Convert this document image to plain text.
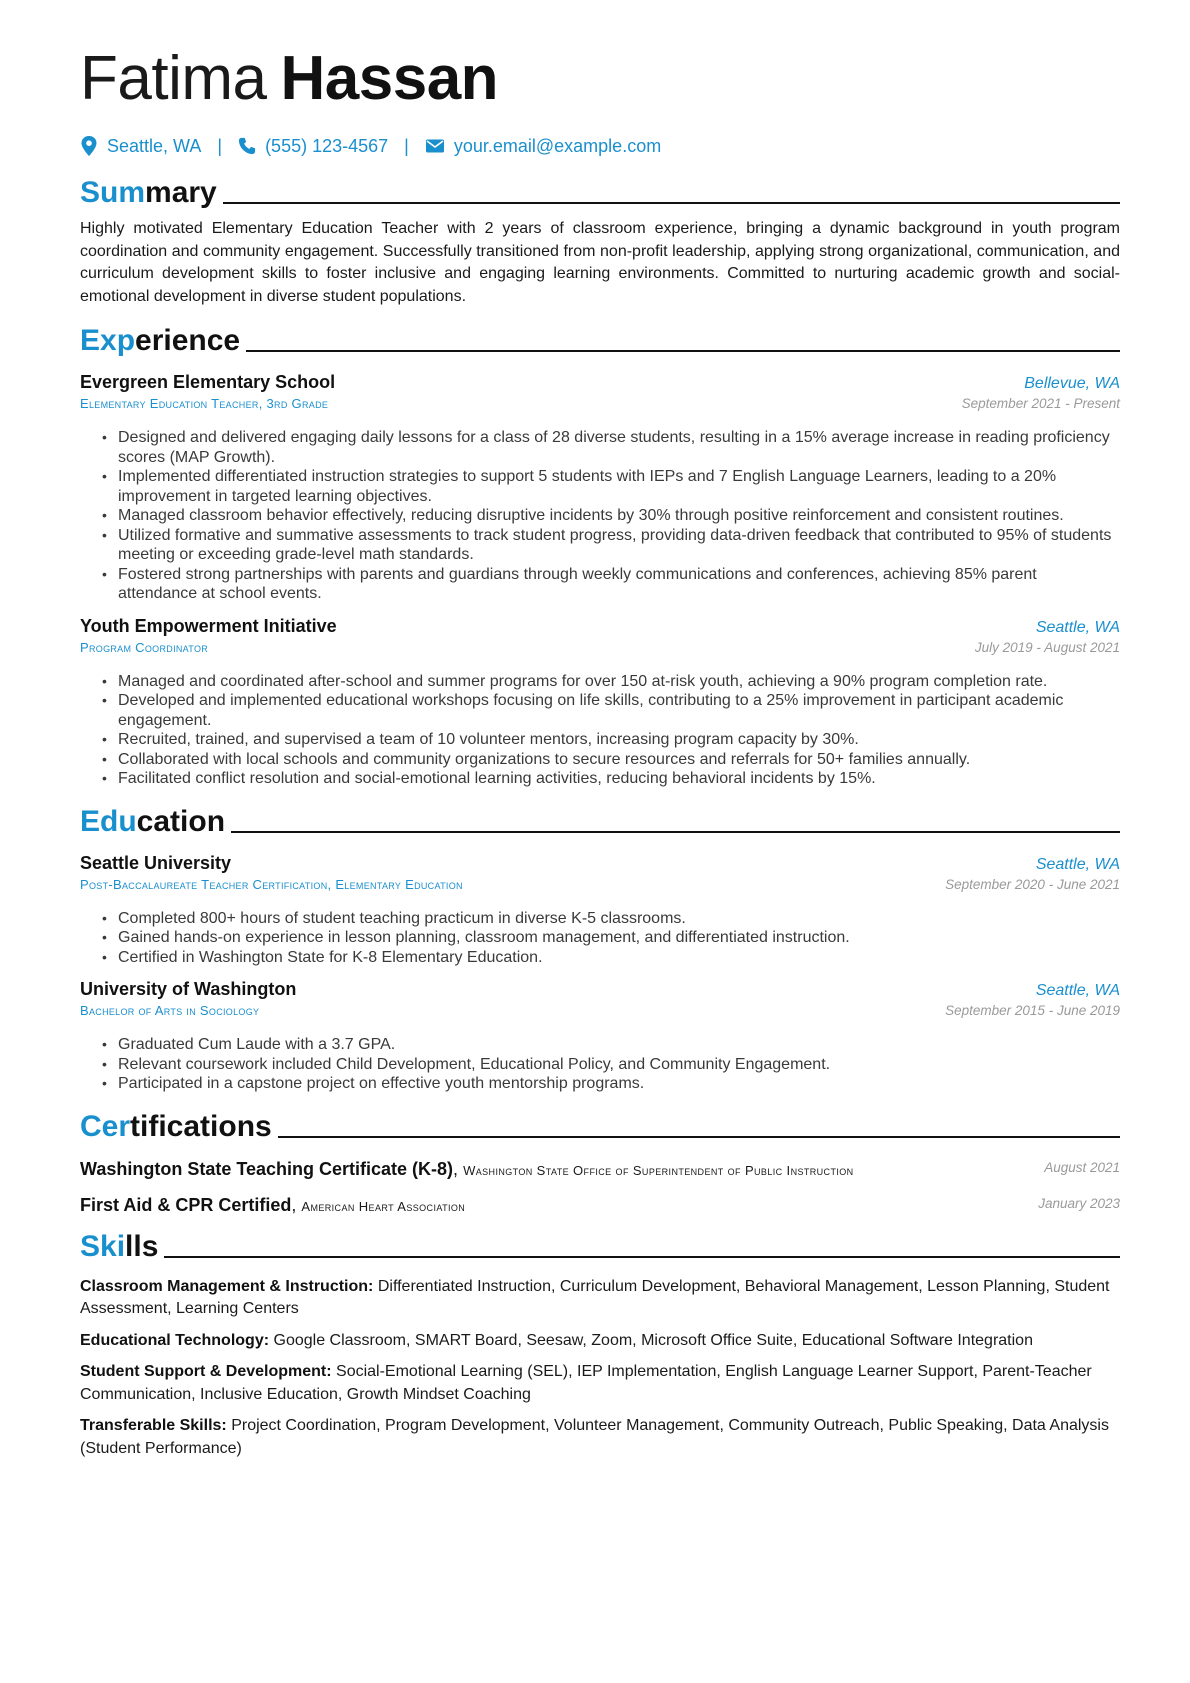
Fatima Hassan
Seattle, WA | (555) 123-4567 |	your.email@example.com
Summary

Highly motivated Elementary Education Teacher with 2 years of classroom experience, bringing a dynamic background in youth program coordination and community engagement. Successfully transitioned from non-profit leadership, applying strong organizational, communication, and curriculum development skills to foster inclusive and engaging learning environments. Committed to nurturing academic growth and social-emotional development in diverse student populations.

Experience
Evergreen Elementary School	Bellevue, WA
Elementary Education Teacher, 3rd Grade	September 2021 - Present
• Designed and delivered engaging daily lessons for a class of 28 diverse students, resulting in a 15% average increase in reading proficiency scores (MAP Growth).
• Implemented differentiated instruction strategies to support 5 students with IEPs and 7 English Language Learners, leading to a 20% improvement in targeted learning objectives.
• Managed classroom behavior effectively, reducing disruptive incidents by 30% through positive reinforcement and consistent routines.
• Utilized formative and summative assessments to track student progress, providing data-driven feedback that contributed to 95% of students meeting or exceeding grade-level math standards.
• Fostered strong partnerships with parents and guardians through weekly communications and conferences, achieving 85% parent attendance at school events.
Youth Empowerment Initiative	Seattle, WA
Program Coordinator	July 2019 - August 2021
• Managed and coordinated after-school and summer programs for over 150 at-risk youth, achieving a 90% program completion rate.
• Developed and implemented educational workshops focusing on life skills, contributing to a 25% improvement in participant academic engagement.
• Recruited, trained, and supervised a team of 10 volunteer mentors, increasing program capacity by 30%.
• Collaborated with local schools and community organizations to secure resources and referrals for 50+ families annually.
• Facilitated conflict resolution and social-emotional learning activities, reducing behavioral incidents by 15%.
Education
Seattle University	Seattle, WA
Post-Baccalaureate Teacher Certification, Elementary Education	September 2020 - June 2021
• Completed 800+ hours of student teaching practicum in diverse K-5 classrooms.
• Gained hands-on experience in lesson planning, classroom management, and differentiated instruction.
• Certified in Washington State for K-8 Elementary Education.
University of Washington	Seattle, WA
Bachelor of Arts in Sociology	September 2015 - June 2019
• Graduated Cum Laude with a 3.7 GPA.
• Relevant coursework included Child Development, Educational Policy, and Community Engagement.
• Participated in a capstone project on effective youth mentorship programs.
Certifications
Washington State Teaching Certificate (K-8), Washington State Office of Superintendent of Public Instruction	August 2021
First Aid & CPR Certified, American Heart Association	January 2023
Skills

Classroom Management & Instruction: Differentiated Instruction, Curriculum Development, Behavioral Management, Lesson Planning, Student Assessment, Learning Centers

Educational Technology: Google Classroom, SMART Board, Seesaw, Zoom, Microsoft Office Suite, Educational Software Integration

Student Support & Development: Social-Emotional Learning (SEL), IEP Implementation, English Language Learner Support, Parent-Teacher Communication, Inclusive Education, Growth Mindset Coaching

Transferable Skills: Project Coordination, Program Development, Volunteer Management, Community Outreach, Public Speaking, Data Analysis (Student Performance)
